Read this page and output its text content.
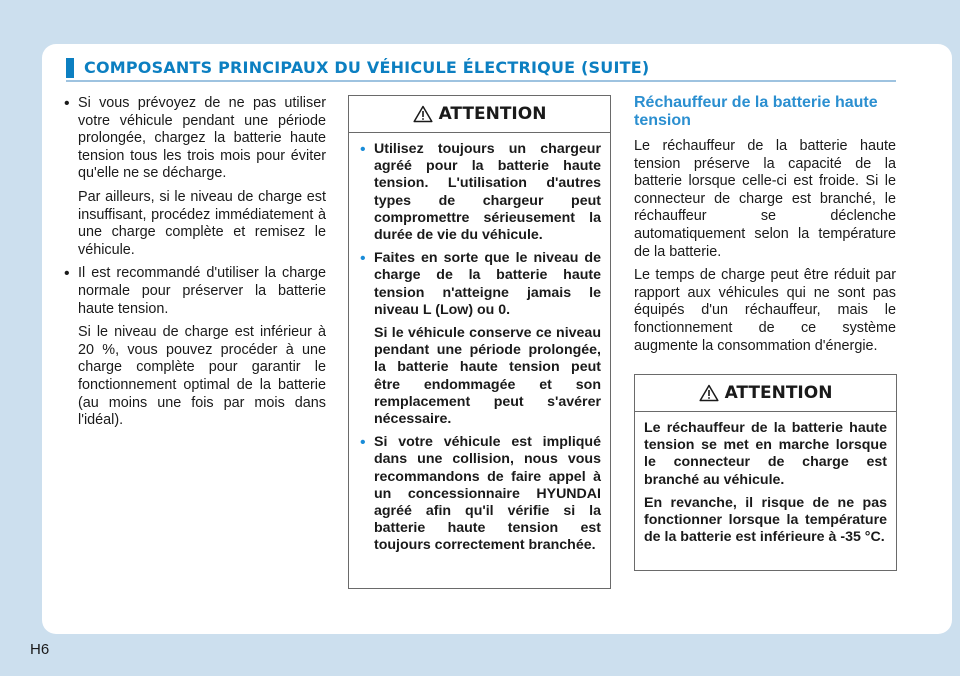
COMPOSANTS PRINCIPAUX DU VÉHICULE ÉLECTRIQUE (SUITE)
• Si vous prévoyez de ne pas utiliser votre véhicule pendant une période prolongée, chargez la batterie haute tension tous les trois mois pour éviter qu'elle ne se décharge.

Par ailleurs, si le niveau de charge est insuffisant, procédez immédiatement à une charge complète et remisez le véhicule.

• Il est recommandé d'utiliser la charge normale pour préserver la batterie haute tension.

Si le niveau de charge est inférieur à 20 %, vous pouvez procéder à une charge complète pour garantir le fonctionnement optimal de la batterie (au moins une fois par mois dans l'idéal).

ATTENTION
• Utilisez toujours un chargeur agréé pour la batterie haute tension. L'utilisation d'autres types de chargeur peut compromettre sérieusement la durée de vie du véhicule.

• Faites en sorte que le niveau de charge de la batterie haute tension n'atteigne jamais le niveau L (Low) ou 0.

Si le véhicule conserve ce niveau pendant une période prolongée, la batterie haute tension peut être endommagée et son remplacement peut s'avérer nécessaire.

• Si votre véhicule est impliqué dans une collision, nous vous recommandons de faire appel à un concessionnaire HYUNDAI agréé afin qu'il vérifie si la batterie haute tension est toujours correctement branchée.

Réchauffeur de la batterie haute tension

Le réchauffeur de la batterie haute tension préserve la capacité de la batterie lorsque celle-ci est froide. Si le connecteur de charge est branché, le réchauffeur se déclenche automatiquement selon la température de la batterie.

Le temps de charge peut être réduit par rapport aux véhicules qui ne sont pas équipés d'un réchauffeur, mais le fonctionnement de ce système augmente la consommation d'énergie.

ATTENTION

Le réchauffeur de la batterie haute tension se met en marche lorsque le connecteur de charge est branché au véhicule.

En revanche, il risque de ne pas fonctionner lorsque la température de la batterie est inférieure à -35 °C.

H6
